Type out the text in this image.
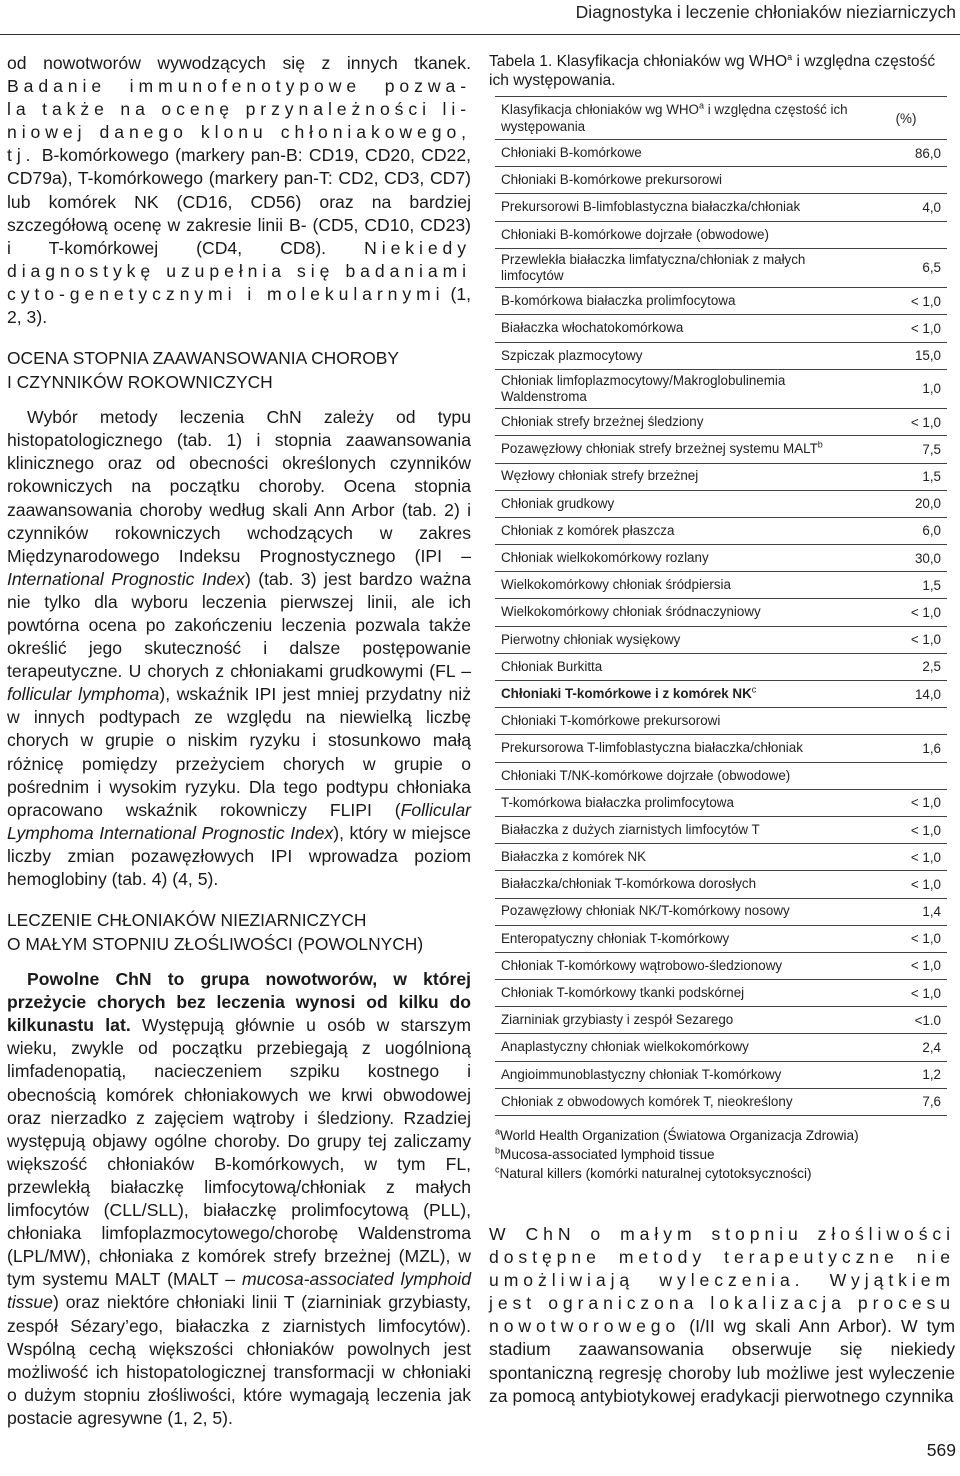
Diagnostyka i leczenie chłoniaków nieziarniczych

od nowotworów wywodzących się z innych tkanek. Badanie immunofenotypowe pozwa- la także na ocenę przynależności li- niowej danego klonu chłoniakowego, tj. B-komórkowego (markery pan-B: CD19, CD20, CD22, CD79a), T-komórkowego (markery pan-T: CD2, CD3, CD7) lub komórek NK (CD16, CD56) oraz na bardziej szczegółową ocenę w zakresie linii B- (CD5, CD10, CD23) i T-komórkowej (CD4, CD8). Niekiedy diagnostykę uzupełnia się badaniami cyto-genetycznymi i molekularnymi (1, 2, 3).

OCENA STOPNIA ZAAWANSOWANIA CHOROBY
I CZYNNIKÓW ROKOWNICZYCH

Wybór metody leczenia ChN zależy od typu histopatologicznego (tab. 1) i stopnia zaawansowania klinicznego oraz od obecności określonych czynników rokowniczych na początku choroby. Ocena stopnia zaawansowania choroby według skali Ann Arbor (tab. 2) i czynników rokowniczych wchodzących w zakres Międzynarodowego Indeksu Prognostycznego (IPI – International Prognostic Index) (tab. 3) jest bardzo ważna nie tylko dla wyboru leczenia pierwszej linii, ale ich powtórna ocena po zakończeniu leczenia pozwala także określić jego skuteczność i dalsze postępowanie terapeutyczne. U chorych z chłoniakami grudkowymi (FL – follicular lymphoma), wskaźnik IPI jest mniej przydatny niż w innych podtypach ze względu na niewielką liczbę chorych w grupie o niskim ryzyku i stosunkowo małą różnicę pomiędzy przeżyciem chorych w grupie o pośrednim i wysokim ryzyku. Dla tego podtypu chłoniaka opracowano wskaźnik rokowniczy FLIPI (Follicular Lymphoma International Prognostic Index), który w miejsce liczby zmian pozawęzłowych IPI wprowadza poziom hemoglobiny (tab. 4) (4, 5).

LECZENIE CHŁONIAKÓW NIEZIARNICZYCH
O MAŁYM STOPNIU ZŁOŚLIWOŚCI (POWOLNYCH)

Powolne ChN to grupa nowotworów, w której przeżycie chorych bez leczenia wynosi od kilku do kilkunastu lat. Występują głównie u osób w starszym wieku, zwykle od początku przebiegają z uogólnioną limfadenopatią, nacieczeniem szpiku kostnego i obecnością komórek chłoniakowych we krwi obwodowej oraz nierzadko z zajęciem wątroby i śledziony. Rzadziej występują objawy ogólne choroby. Do grupy tej zaliczamy większość chłoniaków B-komórkowych, w tym FL, przewlekłą białaczkę limfocytową/chłoniak z małych limfocytów (CLL/SLL), białaczkę prolimfocytową (PLL), chłoniaka limfoplazmocytowego/chorobę Waldenstroma (LPL/MW), chłoniaka z komórek strefy brzeżnej (MZL), w tym systemu MALT (MALT – mucosa-associated lymphoid tissue) oraz niektóre chłoniaki linii T (ziarniniak grzybiasty, zespół Sézary’ego, białaczka z ziarnistych limfocytów). Wspólną cechą większości chłoniaków powolnych jest możliwość ich histopatologicznej transformacji w chłoniaki o dużym stopniu złośliwości, które wymagają leczenia jak postacie agresywne (1, 2, 5).

Tabela 1. Klasyfikacja chłoniaków wg WHO$^a$ i względna częstość ich występowania.

Klasyfikacja chłoniaków wg WHO$^a$ i względna częstość ich występowania	(%)
Chłoniaki B-komórkowe	86,0
Chłoniaki B-komórkowe prekursorowi	
Prekursorowi B-limfoblastyczna białaczka/chłoniak	4,0
Chłoniaki B-komórkowe dojrzałe (obwodowe)	
Przewlekła białaczka limfatyczna/chłoniak z małych limfocytów	6,5
B-komórkowa białaczka prolimfocytowa	< 1,0
Białaczka włochatokomórkowa	< 1,0
Szpiczak plazmocytowy	15,0
Chłoniak limfoplazmocytowy/Makroglobulinemia Waldenstroma	1,0
Chłoniak strefy brzeżnej śledziony	< 1,0
Pozawęzłowy chłoniak strefy brzeżnej systemu MALT$^b$	7,5
Węzłowy chłoniak strefy brzeżnej	1,5
Chłoniak grudkowy	20,0
Chłoniak z komórek płaszcza	6,0
Chłoniak wielkokomórkowy rozlany	30,0
Wielkokomórkowy chłoniak śródpiersia	1,5
Wielkokomórkowy chłoniak śródnaczyniowy	< 1,0
Pierwotny chłoniak wysiękowy	< 1,0
Chłoniak Burkitta	2,5
Chłoniaki T-komórkowe i z komórek $NK^c$	14,0
Chłoniaki T-komórkowe prekursorowi	
Prekursorowa T-limfoblastyczna białaczka/chłoniak	1,6
Chłoniaki T/NK-komórkowe dojrzałe (obwodowe)	
T-komórkowa białaczka prolimfocytowa	< 1,0
Białaczka z dużych ziarnistych limfocytów T	< 1,0
Białaczka z komórek NK	< 1,0
Białaczka/chłoniak T-komórkowa dorosłych	< 1,0
Pozawęzłowy chłoniak NK/T-komórkowy nosowy	1,4
Enteropatyczny chłoniak T-komórkowy	< 1,0
Chłoniak T-komórkowy wątrobowo-śledzionowy	< 1,0
Chłoniak T-komórkowy tkanki podskórnej	< 1,0
Ziarniniak grzybiasty i zespół Sezarego	<1.0
Anaplastyczny chłoniak wielkokomórkowy	2,4
Angioimmunoblastyczny chłoniak T-komórkowy	1,2
Chłoniak z obwodowych komórek T, nieokreślony	7,6
$^a$World Health Organization (Światowa Organizacja Zdrowia)
$^b$Mucosa-associated lymphoid tissue
$^c$Natural killers (komórki naturalnej cytotoksyczności)

W ChN o małym stopniu złośliwości dostępne metody terapeutyczne nie umożliwiają wyleczenia. Wyjątkiem jest ograniczona lokalizacja procesu nowotworowego (I/II wg skali Ann Arbor). W tym stadium zaawansowania obserwuje się niekiedy spontaniczną regresję choroby lub możliwe jest wyleczenie za pomocą antybiotykowej eradykacji pierwotnego czynnika

569
